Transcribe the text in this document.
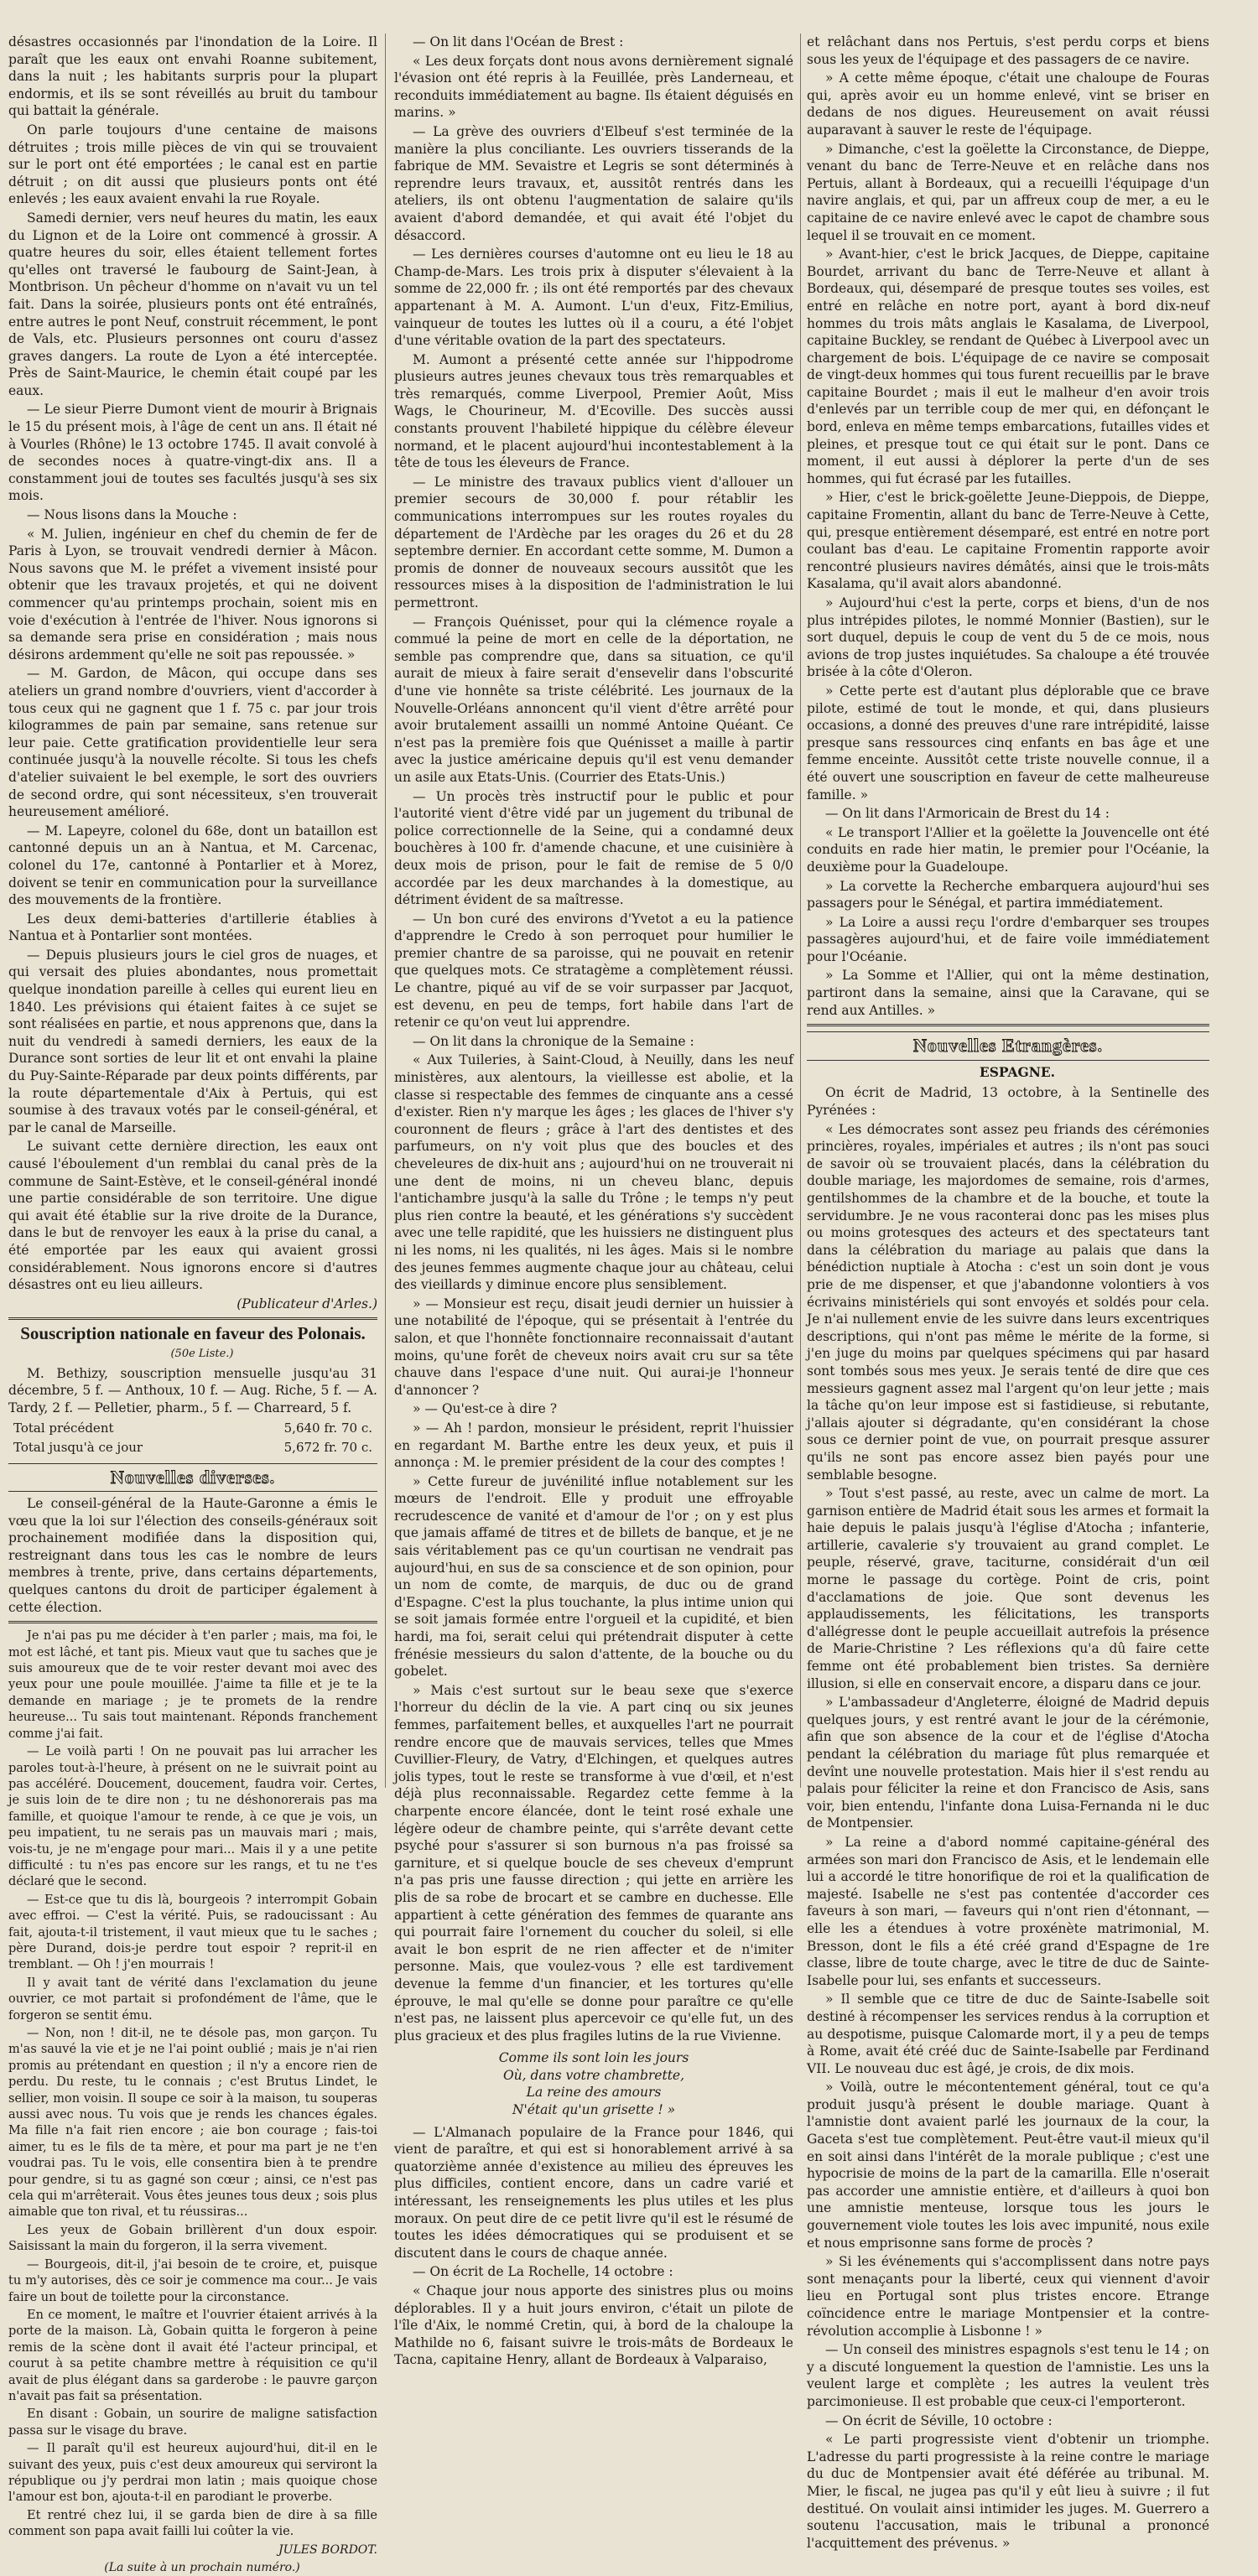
désastres occasionnés par l'inondation de la Loire. Il paraît que les eaux ont envahi Roanne subitement, dans la nuit ; les habitants surpris pour la plupart endormis, et ils se sont réveillés au bruit du tambour qui battait la générale.

On parle toujours d'une centaine de maisons détruites ; trois mille pièces de vin qui se trouvaient sur le port ont été emportées ; le canal est en partie détruit ; on dit aussi que plusieurs ponts ont été enlevés ; les eaux avaient envahi la rue Royale.

Samedi dernier, vers neuf heures du matin, les eaux du Lignon et de la Loire ont commencé à grossir. A quatre heures du soir, elles étaient tellement fortes qu'elles ont traversé le faubourg de Saint-Jean, à Montbrison. Un pêcheur d'homme on n'avait vu un tel fait. Dans la soirée, plusieurs ponts ont été entraînés, entre autres le pont Neuf, construit récemment, le pont de Vals, etc. Plusieurs personnes ont couru d'assez graves dangers. La route de Lyon a été interceptée. Près de Saint-Maurice, le chemin était coupé par les eaux.

— Le sieur Pierre Dumont vient de mourir à Brignais le 15 du présent mois, à l'âge de cent un ans. Il était né à Vourles (Rhône) le 13 octobre 1745. Il avait convolé à de secondes noces à quatre-vingt-dix ans. Il a constamment joui de toutes ses facultés jusqu'à ses six mois.

— Nous lisons dans la Mouche :

« M. Julien, ingénieur en chef du chemin de fer de Paris à Lyon, se trouvait vendredi dernier à Mâcon. Nous savons que M. le préfet a vivement insisté pour obtenir que les travaux projetés, et qui ne doivent commencer qu'au printemps prochain, soient mis en voie d'exécution à l'entrée de l'hiver. Nous ignorons si sa demande sera prise en considération ; mais nous désirons ardemment qu'elle ne soit pas repoussée. »

— M. Gardon, de Mâcon, qui occupe dans ses ateliers un grand nombre d'ouvriers, vient d'accorder à tous ceux qui ne gagnent que 1 f. 75 c. par jour trois kilogrammes de pain par semaine, sans retenue sur leur paie. Cette gratification providentielle leur sera continuée jusqu'à la nouvelle récolte. Si tous les chefs d'atelier suivaient le bel exemple, le sort des ouvriers de second ordre, qui sont nécessiteux, s'en trouverait heureusement amélioré.

— M. Lapeyre, colonel du 68e, dont un bataillon est cantonné depuis un an à Nantua, et M. Carcenac, colonel du 17e, cantonné à Pontarlier et à Morez, doivent se tenir en communication pour la surveillance des mouvements de la frontière.

Les deux demi-batteries d'artillerie établies à Nantua et à Pontarlier sont montées.

— Depuis plusieurs jours le ciel gros de nuages, et qui versait des pluies abondantes, nous promettait quelque inondation pareille à celles qui eurent lieu en 1840. Les prévisions qui étaient faites à ce sujet se sont réalisées en partie, et nous apprenons que, dans la nuit du vendredi à samedi derniers, les eaux de la Durance sont sorties de leur lit et ont envahi la plaine du Puy-Sainte-Réparade par deux points différents, par la route départementale d'Aix à Pertuis, qui est soumise à des travaux votés par le conseil-général, et par le canal de Marseille.

Le suivant cette dernière direction, les eaux ont causé l'éboulement d'un remblai du canal près de la commune de Saint-Estève, et le conseil-général inondé une partie considérable de son territoire. Une digue qui avait été établie sur la rive droite de la Durance, dans le but de renvoyer les eaux à la prise du canal, a été emportée par les eaux qui avaient grossi considérablement. Nous ignorons encore si d'autres désastres ont eu lieu ailleurs.

(Publicateur d'Arles.)

Souscription nationale en faveur des Polonais.

(50e Liste.)

M. Bethizy, souscription mensuelle jusqu'au 31 décembre, 5 f. — Anthoux, 10 f. — Aug. Riche, 5 f. — A. Tardy, 2 f. — Pelletier, pharm., 5 f. — Charreard, 5 f.

Total précédent	5,640 fr. 70 c.
Total jusqu'à ce jour	5,672 fr. 70 c.
Nouvelles diverses.

Le conseil-général de la Haute-Garonne a émis le vœu que la loi sur l'élection des conseils-généraux soit prochainement modifiée dans la disposition qui, restreignant dans tous les cas le nombre de leurs membres à trente, prive, dans certains départements, quelques cantons du droit de participer également à cette élection.

Je n'ai pas pu me décider à t'en parler ; mais, ma foi, le mot est lâché, et tant pis. Mieux vaut que tu saches que je suis amoureux que de te voir rester devant moi avec des yeux pour une poule mouillée. J'aime ta fille et je te la demande en mariage ; je te promets de la rendre heureuse... Tu sais tout maintenant. Réponds franchement comme j'ai fait.

— Le voilà parti ! On ne pouvait pas lui arracher les paroles tout-à-l'heure, à présent on ne le suivrait point au pas accéléré. Doucement, doucement, faudra voir. Certes, je suis loin de te dire non ; tu ne déshonorerais pas ma famille, et quoique l'amour te rende, à ce que je vois, un peu impatient, tu ne serais pas un mauvais mari ; mais, vois-tu, je ne m'engage pour mari... Mais il y a une petite difficulté : tu n'es pas encore sur les rangs, et tu ne t'es déclaré que le second.

— Est-ce que tu dis là, bourgeois ? interrompit Gobain avec effroi. — C'est la vérité. Puis, se radoucissant : Au fait, ajouta-t-il tristement, il vaut mieux que tu le saches ; père Durand, dois-je perdre tout espoir ? reprit-il en tremblant. — Oh ! j'en mourrais !

Il y avait tant de vérité dans l'exclamation du jeune ouvrier, ce mot partait si profondément de l'âme, que le forgeron se sentit ému.

— Non, non ! dit-il, ne te désole pas, mon garçon. Tu m'as sauvé la vie et je ne l'ai point oublié ; mais je n'ai rien promis au prétendant en question ; il n'y a encore rien de perdu. Du reste, tu le connais ; c'est Brutus Lindet, le sellier, mon voisin. Il soupe ce soir à la maison, tu souperas aussi avec nous. Tu vois que je rends les chances égales. Ma fille n'a fait rien encore ; aie bon courage ; fais-toi aimer, tu es le fils de ta mère, et pour ma part je ne t'en voudrai pas. Tu le vois, elle consentira bien à te prendre pour gendre, si tu as gagné son cœur ; ainsi, ce n'est pas cela qui m'arrêterait. Vous êtes jeunes tous deux ; sois plus aimable que ton rival, et tu réussiras...

Les yeux de Gobain brillèrent d'un doux espoir. Saisissant la main du forgeron, il la serra vivement.

— Bourgeois, dit-il, j'ai besoin de te croire, et, puisque tu m'y autorises, dès ce soir je commence ma cour... Je vais faire un bout de toilette pour la circonstance.

En ce moment, le maître et l'ouvrier étaient arrivés à la porte de la maison. Là, Gobain quitta le forgeron à peine remis de la scène dont il avait été l'acteur principal, et courut à sa petite chambre mettre à réquisition ce qu'il avait de plus élégant dans sa garderobe : le pauvre garçon n'avait pas fait sa présentation.

En disant : Gobain, un sourire de maligne satisfaction passa sur le visage du brave.

— Il paraît qu'il est heureux aujourd'hui, dit-il en le suivant des yeux, puis c'est deux amoureux qui serviront la république ou j'y perdrai mon latin ; mais quoique chose l'amour est bon, ajouta-t-il en parodiant le proverbe.

Et rentré chez lui, il se garda bien de dire à sa fille comment son papa avait failli lui coûter la vie.

JULES BORDOT.

(La suite à un prochain numéro.)

— On lit dans l'Océan de Brest :

« Les deux forçats dont nous avons dernièrement signalé l'évasion ont été repris à la Feuillée, près Landerneau, et reconduits immédiatement au bagne. Ils étaient déguisés en marins. »

— La grève des ouvriers d'Elbeuf s'est terminée de la manière la plus conciliante. Les ouvriers tisserands de la fabrique de MM. Sevaistre et Legris se sont déterminés à reprendre leurs travaux, et, aussitôt rentrés dans les ateliers, ils ont obtenu l'augmentation de salaire qu'ils avaient d'abord demandée, et qui avait été l'objet du désaccord.

— Les dernières courses d'automne ont eu lieu le 18 au Champ-de-Mars. Les trois prix à disputer s'élevaient à la somme de 22,000 fr. ; ils ont été remportés par des chevaux appartenant à M. A. Aumont. L'un d'eux, Fitz-Emilius, vainqueur de toutes les luttes où il a couru, a été l'objet d'une véritable ovation de la part des spectateurs.

M. Aumont a présenté cette année sur l'hippodrome plusieurs autres jeunes chevaux tous très remarquables et très remarqués, comme Liverpool, Premier Août, Miss Wags, le Chourineur, M. d'Ecoville. Des succès aussi constants prouvent l'habileté hippique du célèbre éleveur normand, et le placent aujourd'hui incontestablement à la tête de tous les éleveurs de France.

— Le ministre des travaux publics vient d'allouer un premier secours de 30,000 f. pour rétablir les communications interrompues sur les routes royales du département de l'Ardèche par les orages du 26 et du 28 septembre dernier. En accordant cette somme, M. Dumon a promis de donner de nouveaux secours aussitôt que les ressources mises à la disposition de l'administration le lui permettront.

— François Quénisset, pour qui la clémence royale a commué la peine de mort en celle de la déportation, ne semble pas comprendre que, dans sa situation, ce qu'il aurait de mieux à faire serait d'ensevelir dans l'obscurité d'une vie honnête sa triste célébrité. Les journaux de la Nouvelle-Orléans annoncent qu'il vient d'être arrêté pour avoir brutalement assailli un nommé Antoine Quéant. Ce n'est pas la première fois que Quénisset a maille à partir avec la justice américaine depuis qu'il est venu demander un asile aux Etats-Unis. (Courrier des Etats-Unis.)

— Un procès très instructif pour le public et pour l'autorité vient d'être vidé par un jugement du tribunal de police correctionnelle de la Seine, qui a condamné deux bouchères à 100 fr. d'amende chacune, et une cuisinière à deux mois de prison, pour le fait de remise de 5 0/0 accordée par les deux marchandes à la domestique, au détriment évident de sa maîtresse.

— Un bon curé des environs d'Yvetot a eu la patience d'apprendre le Credo à son perroquet pour humilier le premier chantre de sa paroisse, qui ne pouvait en retenir que quelques mots. Ce stratagème a complètement réussi. Le chantre, piqué au vif de se voir surpasser par Jacquot, est devenu, en peu de temps, fort habile dans l'art de retenir ce qu'on veut lui apprendre.

— On lit dans la chronique de la Semaine :

« Aux Tuileries, à Saint-Cloud, à Neuilly, dans les neuf ministères, aux alentours, la vieillesse est abolie, et la classe si respectable des femmes de cinquante ans a cessé d'exister. Rien n'y marque les âges ; les glaces de l'hiver s'y couronnent de fleurs ; grâce à l'art des dentistes et des parfumeurs, on n'y voit plus que des boucles et des cheveleures de dix-huit ans ; aujourd'hui on ne trouverait ni une dent de moins, ni un cheveu blanc, depuis l'antichambre jusqu'à la salle du Trône ; le temps n'y peut plus rien contre la beauté, et les générations s'y succèdent avec une telle rapidité, que les huissiers ne distinguent plus ni les noms, ni les qualités, ni les âges. Mais si le nombre des jeunes femmes augmente chaque jour au château, celui des vieillards y diminue encore plus sensiblement.

» — Monsieur est reçu, disait jeudi dernier un huissier à une notabilité de l'époque, qui se présentait à l'entrée du salon, et que l'honnête fonctionnaire reconnaissait d'autant moins, qu'une forêt de cheveux noirs avait cru sur sa tête chauve dans l'espace d'une nuit. Qui aurai-je l'honneur d'annoncer ?

» — Qu'est-ce à dire ?

» — Ah ! pardon, monsieur le président, reprit l'huissier en regardant M. Barthe entre les deux yeux, et puis il annonça : M. le premier président de la cour des comptes !

» Cette fureur de juvénilité influe notablement sur les mœurs de l'endroit. Elle y produit une effroyable recrudescence de vanité et d'amour de l'or ; on y est plus que jamais affamé de titres et de billets de banque, et je ne sais véritablement pas ce qu'un courtisan ne vendrait pas aujourd'hui, en sus de sa conscience et de son opinion, pour un nom de comte, de marquis, de duc ou de grand d'Espagne. C'est la plus touchante, la plus intime union qui se soit jamais formée entre l'orgueil et la cupidité, et bien hardi, ma foi, serait celui qui prétendrait disputer à cette frénésie messieurs du salon d'attente, de la bouche ou du gobelet.

» Mais c'est surtout sur le beau sexe que s'exerce l'horreur du déclin de la vie. A part cinq ou six jeunes femmes, parfaitement belles, et auxquelles l'art ne pourrait rendre encore que de mauvais services, telles que Mmes Cuvillier-Fleury, de Vatry, d'Elchingen, et quelques autres jolis types, tout le reste se transforme à vue d'œil, et n'est déjà plus reconnaissable. Regardez cette femme à la charpente encore élancée, dont le teint rosé exhale une légère odeur de chambre peinte, qui s'arrête devant cette psyché pour s'assurer si son burnous n'a pas froissé sa garniture, et si quelque boucle de ses cheveux d'emprunt n'a pas pris une fausse direction ; qui jette en arrière les plis de sa robe de brocart et se cambre en duchesse. Elle appartient à cette génération des femmes de quarante ans qui pourrait faire l'ornement du coucher du soleil, si elle avait le bon esprit de ne rien affecter et de n'imiter personne. Mais, que voulez-vous ? elle est tardivement devenue la femme d'un financier, et les tortures qu'elle éprouve, le mal qu'elle se donne pour paraître ce qu'elle n'est pas, ne laissent plus apercevoir ce qu'elle fut, un des plus gracieux et des plus fragiles lutins de la rue Vivienne.

Comme ils sont loin les jours
Où, dans votre chambrette,
La reine des amours
N'était qu'un grisette ! »

— L'Almanach populaire de la France pour 1846, qui vient de paraître, et qui est si honorablement arrivé à sa quatorzième année d'existence au milieu des épreuves les plus difficiles, contient encore, dans un cadre varié et intéressant, les renseignements les plus utiles et les plus moraux. On peut dire de ce petit livre qu'il est le résumé de toutes les idées démocratiques qui se produisent et se discutent dans le cours de chaque année.

— On écrit de La Rochelle, 14 octobre :

« Chaque jour nous apporte des sinistres plus ou moins déplorables. Il y a huit jours environ, c'était un pilote de l'île d'Aix, le nommé Cretin, qui, à bord de la chaloupe la Mathilde no 6, faisant suivre le trois-mâts de Bordeaux le Tacna, capitaine Henry, allant de Bordeaux à Valparaiso,

et relâchant dans nos Pertuis, s'est perdu corps et biens sous les yeux de l'équipage et des passagers de ce navire.

» A cette même époque, c'était une chaloupe de Fouras qui, après avoir eu un homme enlevé, vint se briser en dedans de nos digues. Heureusement on avait réussi auparavant à sauver le reste de l'équipage.

» Dimanche, c'est la goëlette la Circonstance, de Dieppe, venant du banc de Terre-Neuve et en relâche dans nos Pertuis, allant à Bordeaux, qui a recueilli l'équipage d'un navire anglais, et qui, par un affreux coup de mer, a eu le capitaine de ce navire enlevé avec le capot de chambre sous lequel il se trouvait en ce moment.

» Avant-hier, c'est le brick Jacques, de Dieppe, capitaine Bourdet, arrivant du banc de Terre-Neuve et allant à Bordeaux, qui, désemparé de presque toutes ses voiles, est entré en relâche en notre port, ayant à bord dix-neuf hommes du trois mâts anglais le Kasalama, de Liverpool, capitaine Buckley, se rendant de Québec à Liverpool avec un chargement de bois. L'équipage de ce navire se composait de vingt-deux hommes qui tous furent recueillis par le brave capitaine Bourdet ; mais il eut le malheur d'en avoir trois d'enlevés par un terrible coup de mer qui, en défonçant le bord, enleva en même temps embarcations, futailles vides et pleines, et presque tout ce qui était sur le pont. Dans ce moment, il eut aussi à déplorer la perte d'un de ses hommes, qui fut écrasé par les futailles.

» Hier, c'est le brick-goëlette Jeune-Dieppois, de Dieppe, capitaine Fromentin, allant du banc de Terre-Neuve à Cette, qui, presque entièrement désemparé, est entré en notre port coulant bas d'eau. Le capitaine Fromentin rapporte avoir rencontré plusieurs navires démâtés, ainsi que le trois-mâts Kasalama, qu'il avait alors abandonné.

» Aujourd'hui c'est la perte, corps et biens, d'un de nos plus intrépides pilotes, le nommé Monnier (Bastien), sur le sort duquel, depuis le coup de vent du 5 de ce mois, nous avions de trop justes inquiétudes. Sa chaloupe a été trouvée brisée à la côte d'Oleron.

» Cette perte est d'autant plus déplorable que ce brave pilote, estimé de tout le monde, et qui, dans plusieurs occasions, a donné des preuves d'une rare intrépidité, laisse presque sans ressources cinq enfants en bas âge et une femme enceinte. Aussitôt cette triste nouvelle connue, il a été ouvert une souscription en faveur de cette malheureuse famille. »

— On lit dans l'Armoricain de Brest du 14 :

« Le transport l'Allier et la goëlette la Jouvencelle ont été conduits en rade hier matin, le premier pour l'Océanie, la deuxième pour la Guadeloupe.

» La corvette la Recherche embarquera aujourd'hui ses passagers pour le Sénégal, et partira immédiatement.

» La Loire a aussi reçu l'ordre d'embarquer ses troupes passagères aujourd'hui, et de faire voile immédiatement pour l'Océanie.

» La Somme et l'Allier, qui ont la même destination, partiront dans la semaine, ainsi que la Caravane, qui se rend aux Antilles. »

Nouvelles Etrangères.

ESPAGNE.

On écrit de Madrid, 13 octobre, à la Sentinelle des Pyrénées :

« Les démocrates sont assez peu friands des cérémonies princières, royales, impériales et autres ; ils n'ont pas souci de savoir où se trouvaient placés, dans la célébration du double mariage, les majordomes de semaine, rois d'armes, gentilshommes de la chambre et de la bouche, et toute la servidumbre. Je ne vous raconterai donc pas les mises plus ou moins grotesques des acteurs et des spectateurs tant dans la célébration du mariage au palais que dans la bénédiction nuptiale à Atocha : c'est un soin dont je vous prie de me dispenser, et que j'abandonne volontiers à vos écrivains ministériels qui sont envoyés et soldés pour cela. Je n'ai nullement envie de les suivre dans leurs excentriques descriptions, qui n'ont pas même le mérite de la forme, si j'en juge du moins par quelques spécimens qui par hasard sont tombés sous mes yeux. Je serais tenté de dire que ces messieurs gagnent assez mal l'argent qu'on leur jette ; mais la tâche qu'on leur impose est si fastidieuse, si rebutante, j'allais ajouter si dégradante, qu'en considérant la chose sous ce dernier point de vue, on pourrait presque assurer qu'ils ne sont pas encore assez bien payés pour une semblable besogne.

» Tout s'est passé, au reste, avec un calme de mort. La garnison entière de Madrid était sous les armes et formait la haie depuis le palais jusqu'à l'église d'Atocha ; infanterie, artillerie, cavalerie s'y trouvaient au grand complet. Le peuple, réservé, grave, taciturne, considérait d'un œil morne le passage du cortège. Point de cris, point d'acclamations de joie. Que sont devenus les applaudissements, les félicitations, les transports d'allégresse dont le peuple accueillait autrefois la présence de Marie-Christine ? Les réflexions qu'a dû faire cette femme ont été probablement bien tristes. Sa dernière illusion, si elle en conservait encore, a disparu dans ce jour.

» L'ambassadeur d'Angleterre, éloigné de Madrid depuis quelques jours, y est rentré avant le jour de la cérémonie, afin que son absence de la cour et de l'église d'Atocha pendant la célébration du mariage fût plus remarquée et devînt une nouvelle protestation. Mais hier il s'est rendu au palais pour féliciter la reine et don Francisco de Asis, sans voir, bien entendu, l'infante dona Luisa-Fernanda ni le duc de Montpensier.

» La reine a d'abord nommé capitaine-général des armées son mari don Francisco de Asis, et le lendemain elle lui a accordé le titre honorifique de roi et la qualification de majesté. Isabelle ne s'est pas contentée d'accorder ces faveurs à son mari, — faveurs qui n'ont rien d'étonnant, — elle les a étendues à votre proxénète matrimonial, M. Bresson, dont le fils a été créé grand d'Espagne de 1re classe, libre de toute charge, avec le titre de duc de Sainte-Isabelle pour lui, ses enfants et successeurs.

» Il semble que ce titre de duc de Sainte-Isabelle soit destiné à récompenser les services rendus à la corruption et au despotisme, puisque Calomarde mort, il y a peu de temps à Rome, avait été créé duc de Sainte-Isabelle par Ferdinand VII. Le nouveau duc est âgé, je crois, de dix mois.

» Voilà, outre le mécontentement général, tout ce qu'a produit jusqu'à présent le double mariage. Quant à l'amnistie dont avaient parlé les journaux de la cour, la Gaceta s'est tue complètement. Peut-être vaut-il mieux qu'il en soit ainsi dans l'intérêt de la morale publique ; c'est une hypocrisie de moins de la part de la camarilla. Elle n'oserait pas accorder une amnistie entière, et d'ailleurs à quoi bon une amnistie menteuse, lorsque tous les jours le gouvernement viole toutes les lois avec impunité, nous exile et nous emprisonne sans forme de procès ?

» Si les événements qui s'accomplissent dans notre pays sont menaçants pour la liberté, ceux qui viennent d'avoir lieu en Portugal sont plus tristes encore. Etrange coïncidence entre le mariage Montpensier et la contre-révolution accomplie à Lisbonne ! »

— Un conseil des ministres espagnols s'est tenu le 14 ; on y a discuté longuement la question de l'amnistie. Les uns la veulent large et complète ; les autres la veulent très parcimonieuse. Il est probable que ceux-ci l'emporteront.

— On écrit de Séville, 10 octobre :

« Le parti progressiste vient d'obtenir un triomphe. L'adresse du parti progressiste à la reine contre le mariage du duc de Montpensier avait été déférée au tribunal. M. Mier, le fiscal, ne jugea pas qu'il y eût lieu à suivre ; il fut destitué. On voulait ainsi intimider les juges. M. Guerrero a soutenu l'accusation, mais le tribunal a prononcé l'acquittement des prévenus. »
